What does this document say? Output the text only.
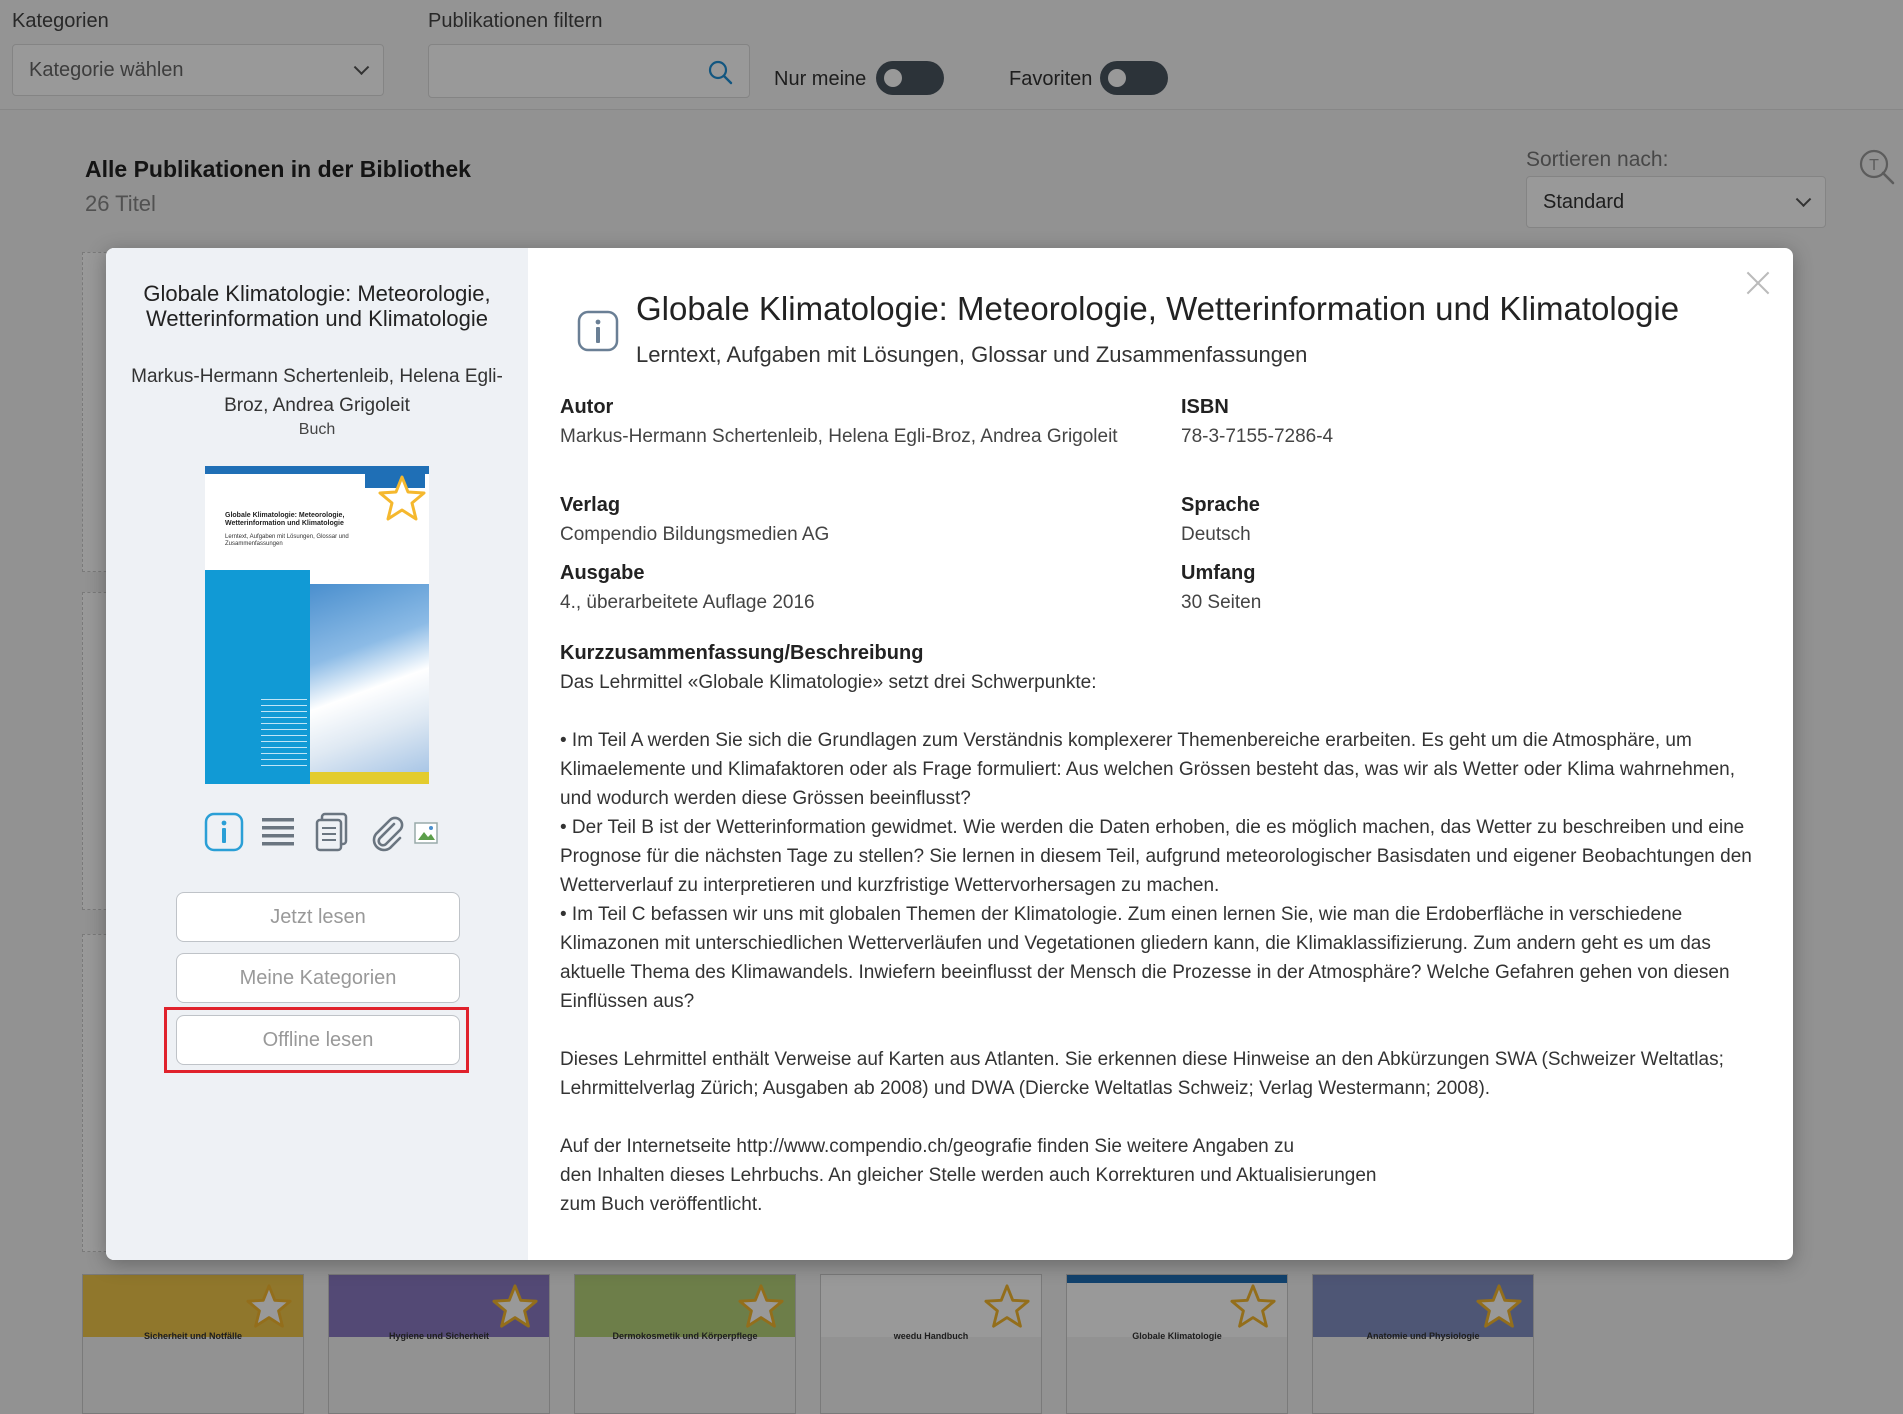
Kategorien
Kategorie wählen
Publikationen filtern
Nur meine	Favoriten
Alle Publikationen in der Bibliothek
26 Titel
Sortieren nach:
Standard
T
Sicherheit und Notfälle	Hygiene und Sicherheit	Dermokosmetik und Körperpflege	weedu Handbuch	Globale Klimatologie	Anatomie und Physiologie
Globale Klimatologie: Meteorologie, Wetterinformation und Klimatologie
Markus-Hermann Schertenleib, Helena Egli-Broz, Andrea Grigoleit
Buch
Globale Klimatologie: Meteorologie, Wetterinformation und Klimatologie
Lerntext, Aufgaben mit Lösungen, Glossar und Zusammenfassungen
Jetzt lesen
Meine Kategorien
Offline lesen
Globale Klimatologie: Meteorologie, Wetterinformation und Klimatologie
Lerntext, Aufgaben mit Lösungen, Glossar und Zusammenfassungen
Autor
Markus-Hermann Schertenleib, Helena Egli-Broz, Andrea Grigoleit
ISBN
78-3-7155-7286-4
Verlag
Compendio Bildungsmedien AG
Sprache
Deutsch
Ausgabe
4., überarbeitete Auflage 2016
Umfang
30 Seiten
Kurzzusammenfassung/Beschreibung

Das Lehrmittel «Globale Klimatologie» setzt drei Schwerpunkte:

• Im Teil A werden Sie sich die Grundlagen zum Verständnis komplexerer Themenbereiche erarbeiten. Es geht um die Atmosphäre, um Klimaelemente und Klimafaktoren oder als Frage formuliert: Aus welchen Grössen besteht das, was wir als Wetter oder Klima wahrnehmen, und wodurch werden diese Grössen beeinflusst?

• Der Teil B ist der Wetterinformation gewidmet. Wie werden die Daten erhoben, die es möglich machen, das Wetter zu beschreiben und eine Prognose für die nächsten Tage zu stellen? Sie lernen in diesem Teil, aufgrund meteorologischer Basisdaten und eigener Beobachtungen den Wetterverlauf zu interpretieren und kurzfristige Wettervorhersagen zu machen.

• Im Teil C befassen wir uns mit globalen Themen der Klimatologie. Zum einen lernen Sie, wie man die Erdoberfläche in verschiedene Klimazonen mit unterschiedlichen Wetterverläufen und Vegetationen gliedern kann, die Klimaklassifizierung. Zum andern geht es um das aktuelle Thema des Klimawandels. Inwiefern beeinflusst der Mensch die Prozesse in der Atmosphäre? Welche Gefahren gehen von diesen Einflüssen aus?

Dieses Lehrmittel enthält Verweise auf Karten aus Atlanten. Sie erkennen diese Hinweise an den Abkürzungen SWA (Schweizer Weltatlas; Lehrmittelverlag Zürich; Ausgaben ab 2008) und DWA (Diercke Weltatlas Schweiz; Verlag Westermann; 2008).

Auf der Internetseite http://www.compendio.ch/geografie finden Sie weitere Angaben zu

den Inhalten dieses Lehrbuchs. An gleicher Stelle werden auch Korrekturen und Aktualisierungen

zum Buch veröffentlicht.
